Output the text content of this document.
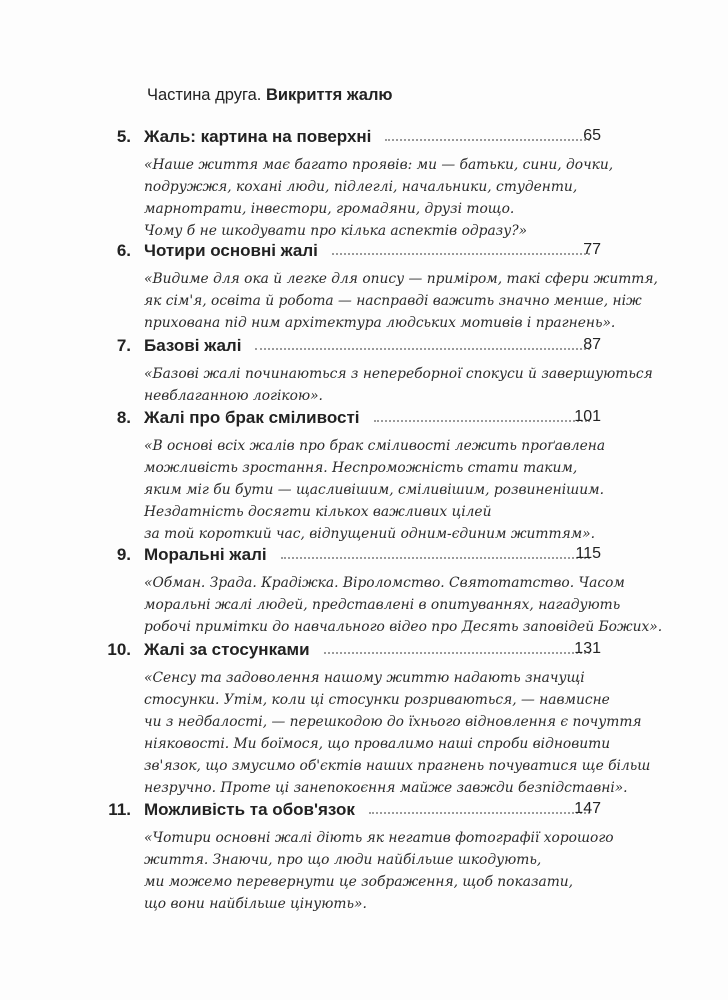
Частина друга. Викриття жалю
5. Жаль: картина на поверхні	65
«Наше життя має багато проявів: ми — батьки, сини, дочки,
подружжя, кохані люди, підлеглі, начальники, студенти,
марнотрати, інвестори, громадяни, друзі тощо.
Чому б не шкодувати про кілька аспектів одразу?»
6. Чотири основні жалі	77
«Видиме для ока й легке для опису — приміром, такі сфери життя,
як сім'я, освіта й робота — насправді важить значно менше, ніж
прихована під ним архітектура людських мотивів і прагнень».
7. Базові жалі	87
«Базові жалі починаються з непереборної спокуси й завершуються
невблаганною логікою».
8. Жалі про брак сміливості	101
«В основі всіх жалів про брак сміливості лежить проґавлена
можливість зростання. Неспроможність стати таким,
яким міг би бути — щасливішим, сміливішим, розвиненішим.
Нездатність досягти кількох важливих цілей
за той короткий час, відпущений одним-єдиним життям».
9. Моральні жалі	115
«Обман. Зрада. Крадіжка. Віроломство. Святотатство. Часом
моральні жалі людей, представлені в опитуваннях, нагадують
робочі примітки до навчального відео про Десять заповідей Божих».
10. Жалі за стосунками	131
«Сенсу та задоволення нашому життю надають значущі
стосунки. Утім, коли ці стосунки розриваються, — навмисне
чи з недбалості, — перешкодою до їхнього відновлення є почуття
ніяковості. Ми боїмося, що провалимо наші спроби відновити
зв'язок, що змусимо об'єктів наших прагнень почуватися ще більш
незручно. Проте ці занепокоєння майже завжди безпідставні».
11. Можливість та обов'язок	147
«Чотири основні жалі діють як негатив фотографії хорошого
життя. Знаючи, про що люди найбільше шкодують,
ми можемо перевернути це зображення, щоб показати,
що вони найбільше цінують».
